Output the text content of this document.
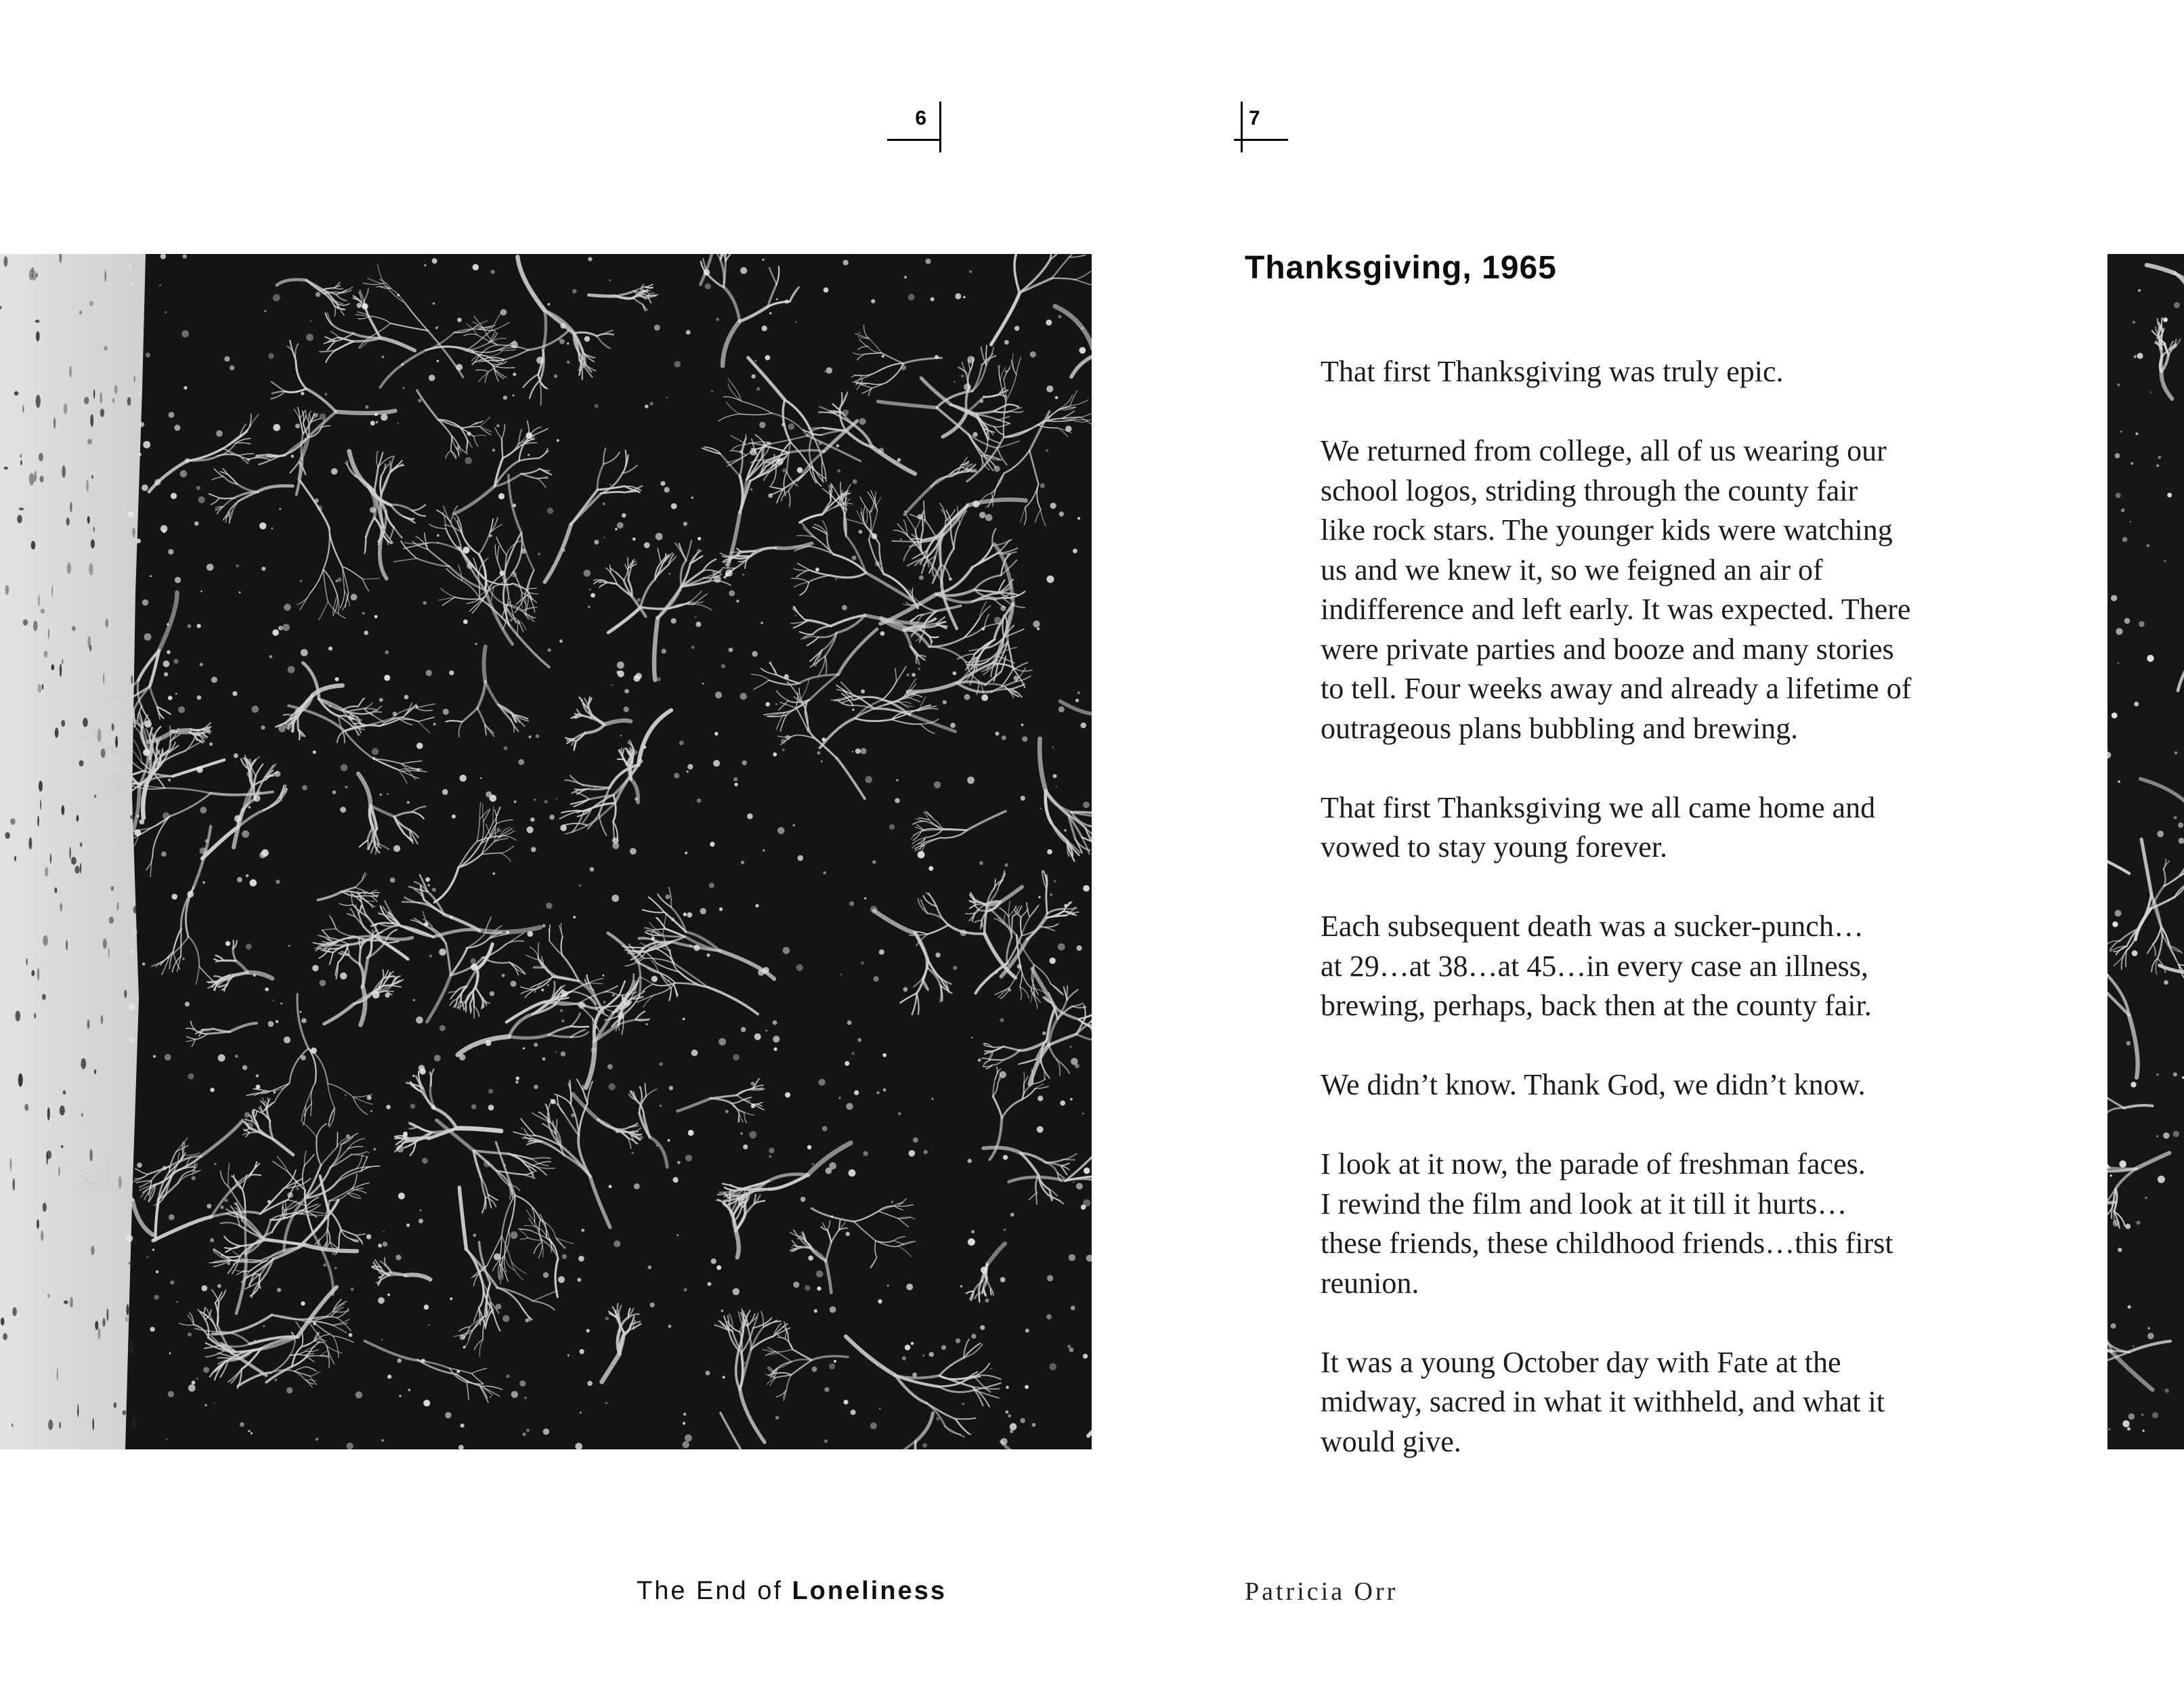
6	7
Thanksgiving, 1965

That first Thanksgiving was truly epic.

We returned from college, all of us wearing our
school logos, striding through the county fair
like rock stars. The younger kids were watching
us and we knew it, so we feigned an air of
indifference and left early. It was expected. There
were private parties and booze and many stories
to tell. Four weeks away and already a lifetime of
outrageous plans bubbling and brewing.

That first Thanksgiving we all came home and
vowed to stay young forever.

Each subsequent death was a sucker-punch…
at 29…at 38…at 45…in every case an illness,
brewing, perhaps, back then at the county fair.

We didn’t know. Thank God, we didn’t know.

I look at it now, the parade of freshman faces.
I rewind the film and look at it till it hurts…
these friends, these childhood friends…this first
reunion.

It was a young October day with Fate at the
midway, sacred in what it withheld, and what it
would give.

The End of Loneliness	Patricia Orr
